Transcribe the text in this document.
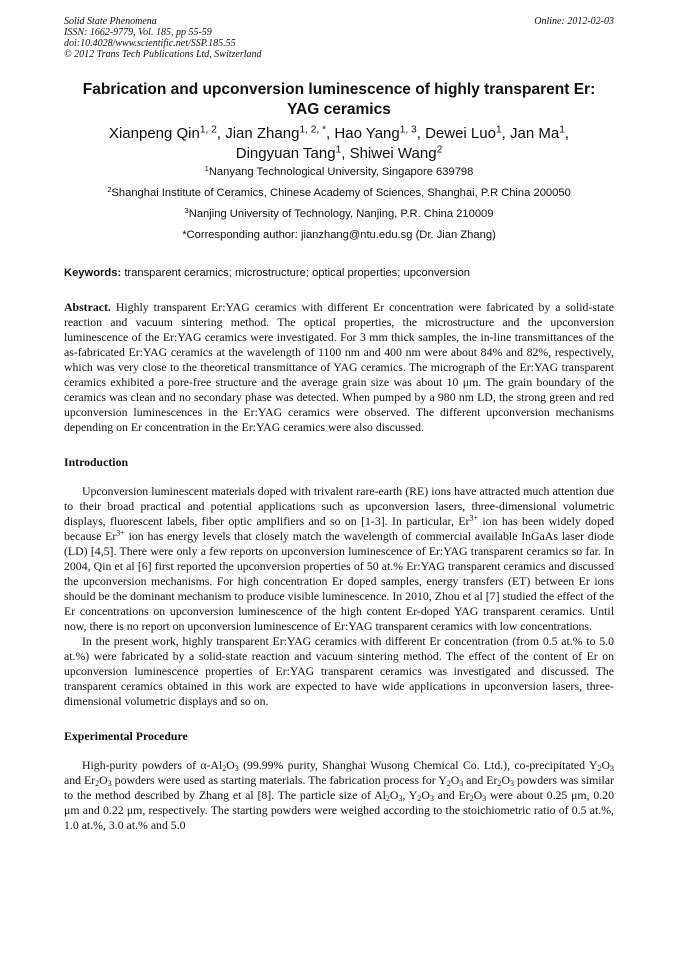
Solid State Phenomena
ISSN: 1662-9779, Vol. 185, pp 55-59
doi:10.4028/www.scientific.net/SSP.185.55
© 2012 Trans Tech Publications Ltd, Switzerland
Online: 2012-02-03
Fabrication and upconversion luminescence of highly transparent Er:
YAG ceramics
Xianpeng Qin$^{1, 2}$, Jian Zhang$^{1, 2, *}$, Hao Yang$^{1, 3}$, Dewei Luo$^1$, Jan Ma$^1$,
Dingyuan Tang$^1$, Shiwei Wang$^2$
$^1$Nanyang Technological University, Singapore 639798
$^2$Shanghai Institute of Ceramics, Chinese Academy of Sciences, Shanghai, P.R China 200050
$^3$Nanjing University of Technology, Nanjing, P.R. China 210009
*Corresponding author: jianzhang@ntu.edu.sg (Dr. Jian Zhang)
Keywords: transparent ceramics; microstructure; optical properties; upconversion

Abstract. Highly transparent Er:YAG ceramics with different Er concentration were fabricated by a solid-state reaction and vacuum sintering method. The optical properties, the microstructure and the upconversion luminescence of the Er:YAG ceramics were investigated. For 3 mm thick samples, the in-line transmittances of the as-fabricated Er:YAG ceramics at the wavelength of 1100 nm and 400 nm were about 84% and 82%, respectively, which was very close to the theoretical transmittance of YAG ceramics. The micrograph of the Er:YAG transparent ceramics exhibited a pore-free structure and the average grain size was about 10 μm. The grain boundary of the ceramics was clean and no secondary phase was detected. When pumped by a 980 nm LD, the strong green and red upconversion luminescences in the Er:YAG ceramics were observed. The different upconversion mechanisms depending on Er concentration in the Er:YAG ceramics were also discussed.

Introduction

Upconversion luminescent materials doped with trivalent rare-earth (RE) ions have attracted much attention due to their broad practical and potential applications such as upconversion lasers, three-dimensional volumetric displays, fluorescent labels, fiber optic amplifiers and so on [1-3]. In particular, $Er^{3+}$ ion has been widely doped because $Er^{3+}$ ion has energy levels that closely match the wavelength of commercial available InGaAs laser diode (LD) [4,5]. There were only a few reports on upconversion luminescence of Er:YAG transparent ceramics so far. In 2004, Qin et al [6] first reported the upconversion properties of 50 at.% Er:YAG transparent ceramics and discussed the upconversion mechanisms. For high concentration Er doped samples, energy transfers (ET) between Er ions should be the dominant mechanism to produce visible luminescence. In 2010, Zhou et al [7] studied the effect of the Er concentrations on upconversion luminescence of the high content Er-doped YAG transparent ceramics. Until now, there is no report on upconversion luminescence of Er:YAG transparent ceramics with low concentrations.

In the present work, highly transparent Er:YAG ceramics with different Er concentration (from 0.5 at.% to 5.0 at.%) were fabricated by a solid-state reaction and vacuum sintering method. The effect of the content of Er on upconversion luminescence properties of Er:YAG transparent ceramics was investigated and discussed. The transparent ceramics obtained in this work are expected to have wide applications in upconversion lasers, three-dimensional volumetric displays and so on.

Experimental Procedure

High-purity powders of $\alpha-Al_2O_3$ (99.99% purity, Shanghai Wusong Chemical Co. Ltd.), co-precipitated $Y_2O_3$ and $Er_2O_3$ powders were used as starting materials. The fabrication process for $Y_2O_3$ and $Er_2O_3$ powders was similar to the method described by Zhang et al [8]. The particle size of $Al_2O_3$, $Y_2O_3$ and $Er_2O_3$ were about 0.25 μm, 0.20 μm and 0.22 μm, respectively. The starting powders were weighed according to the stoichiometric ratio of 0.5 at.%, 1.0 at.%, 3.0 at.% and 5.0
